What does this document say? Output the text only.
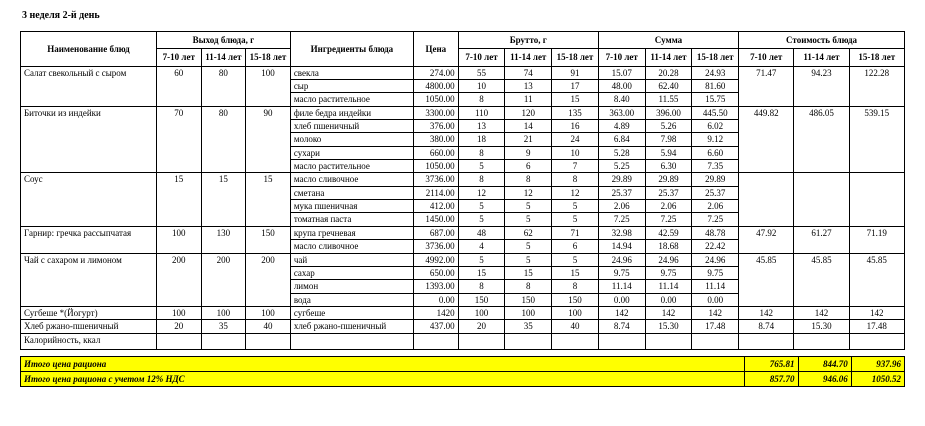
3 неделя 2-й день
Наименование блюд	Выход блюда, г			Ингредиенты блюда	Цена	Брутто, г			Сумма			Стоимость блюда		
	7-10 лет	11-14 лет	15-18 лет			7-10 лет	11-14 лет	15-18 лет	7-10 лет	11-14 лет	15-18 лет	7-10 лет	11-14 лет	15-18 лет
Салат свекольный с сыром	60	80	100	свекла	274.00	55	74	91	15.07	20.28	24.93	71.47	94.23	122.28
				сыр	4800.00	10	13	17	48.00	62.40	81.60			
				масло растительное	1050.00	8	11	15	8.40	11.55	15.75			
Биточки из индейки	70	80	90	филе бедра индейки	3300.00	110	120	135	363.00	396.00	445.50	449.82	486.05	539.15
				хлеб пшеничный	376.00	13	14	16	4.89	5.26	6.02			
				молоко	380.00	18	21	24	6.84	7.98	9.12			
				сухари	660.00	8	9	10	5.28	5.94	6.60			
				масло растительное	1050.00	5	6	7	5.25	6.30	7.35			
Соус	15	15	15	масло сливочное	3736.00	8	8	8	29.89	29.89	29.89			
				сметана	2114.00	12	12	12	25.37	25.37	25.37			
				мука пшеничная	412.00	5	5	5	2.06	2.06	2.06			
				томатная паста	1450.00	5	5	5	7.25	7.25	7.25			
Гарнир: гречка рассыпчатая	100	130	150	крупа гречневая	687.00	48	62	71	32.98	42.59	48.78	47.92	61.27	71.19
				масло сливочное	3736.00	4	5	6	14.94	18.68	22.42			
Чай с сахаром и лимоном	200	200	200	чай	4992.00	5	5	5	24.96	24.96	24.96	45.85	45.85	45.85
				сахар	650.00	15	15	15	9.75	9.75	9.75			
				лимон	1393.00	8	8	8	11.14	11.14	11.14			
				вода	0.00	150	150	150	0.00	0.00	0.00			
Сугбеше *(Йогурт)	100	100	100	сугбеше	1420	100	100	100	142	142	142	142	142	142
Хлеб ржано-пшеничный	20	35	40	хлеб ржано-пшеничный	437.00	20	35	40	8.74	15.30	17.48	8.74	15.30	17.48
Калорийность, ккал														
Итого цена рациона	765.81	844.70	937.96
Итого цена рациона с учетом 12% НДС	857.70	946.06	1050.52
